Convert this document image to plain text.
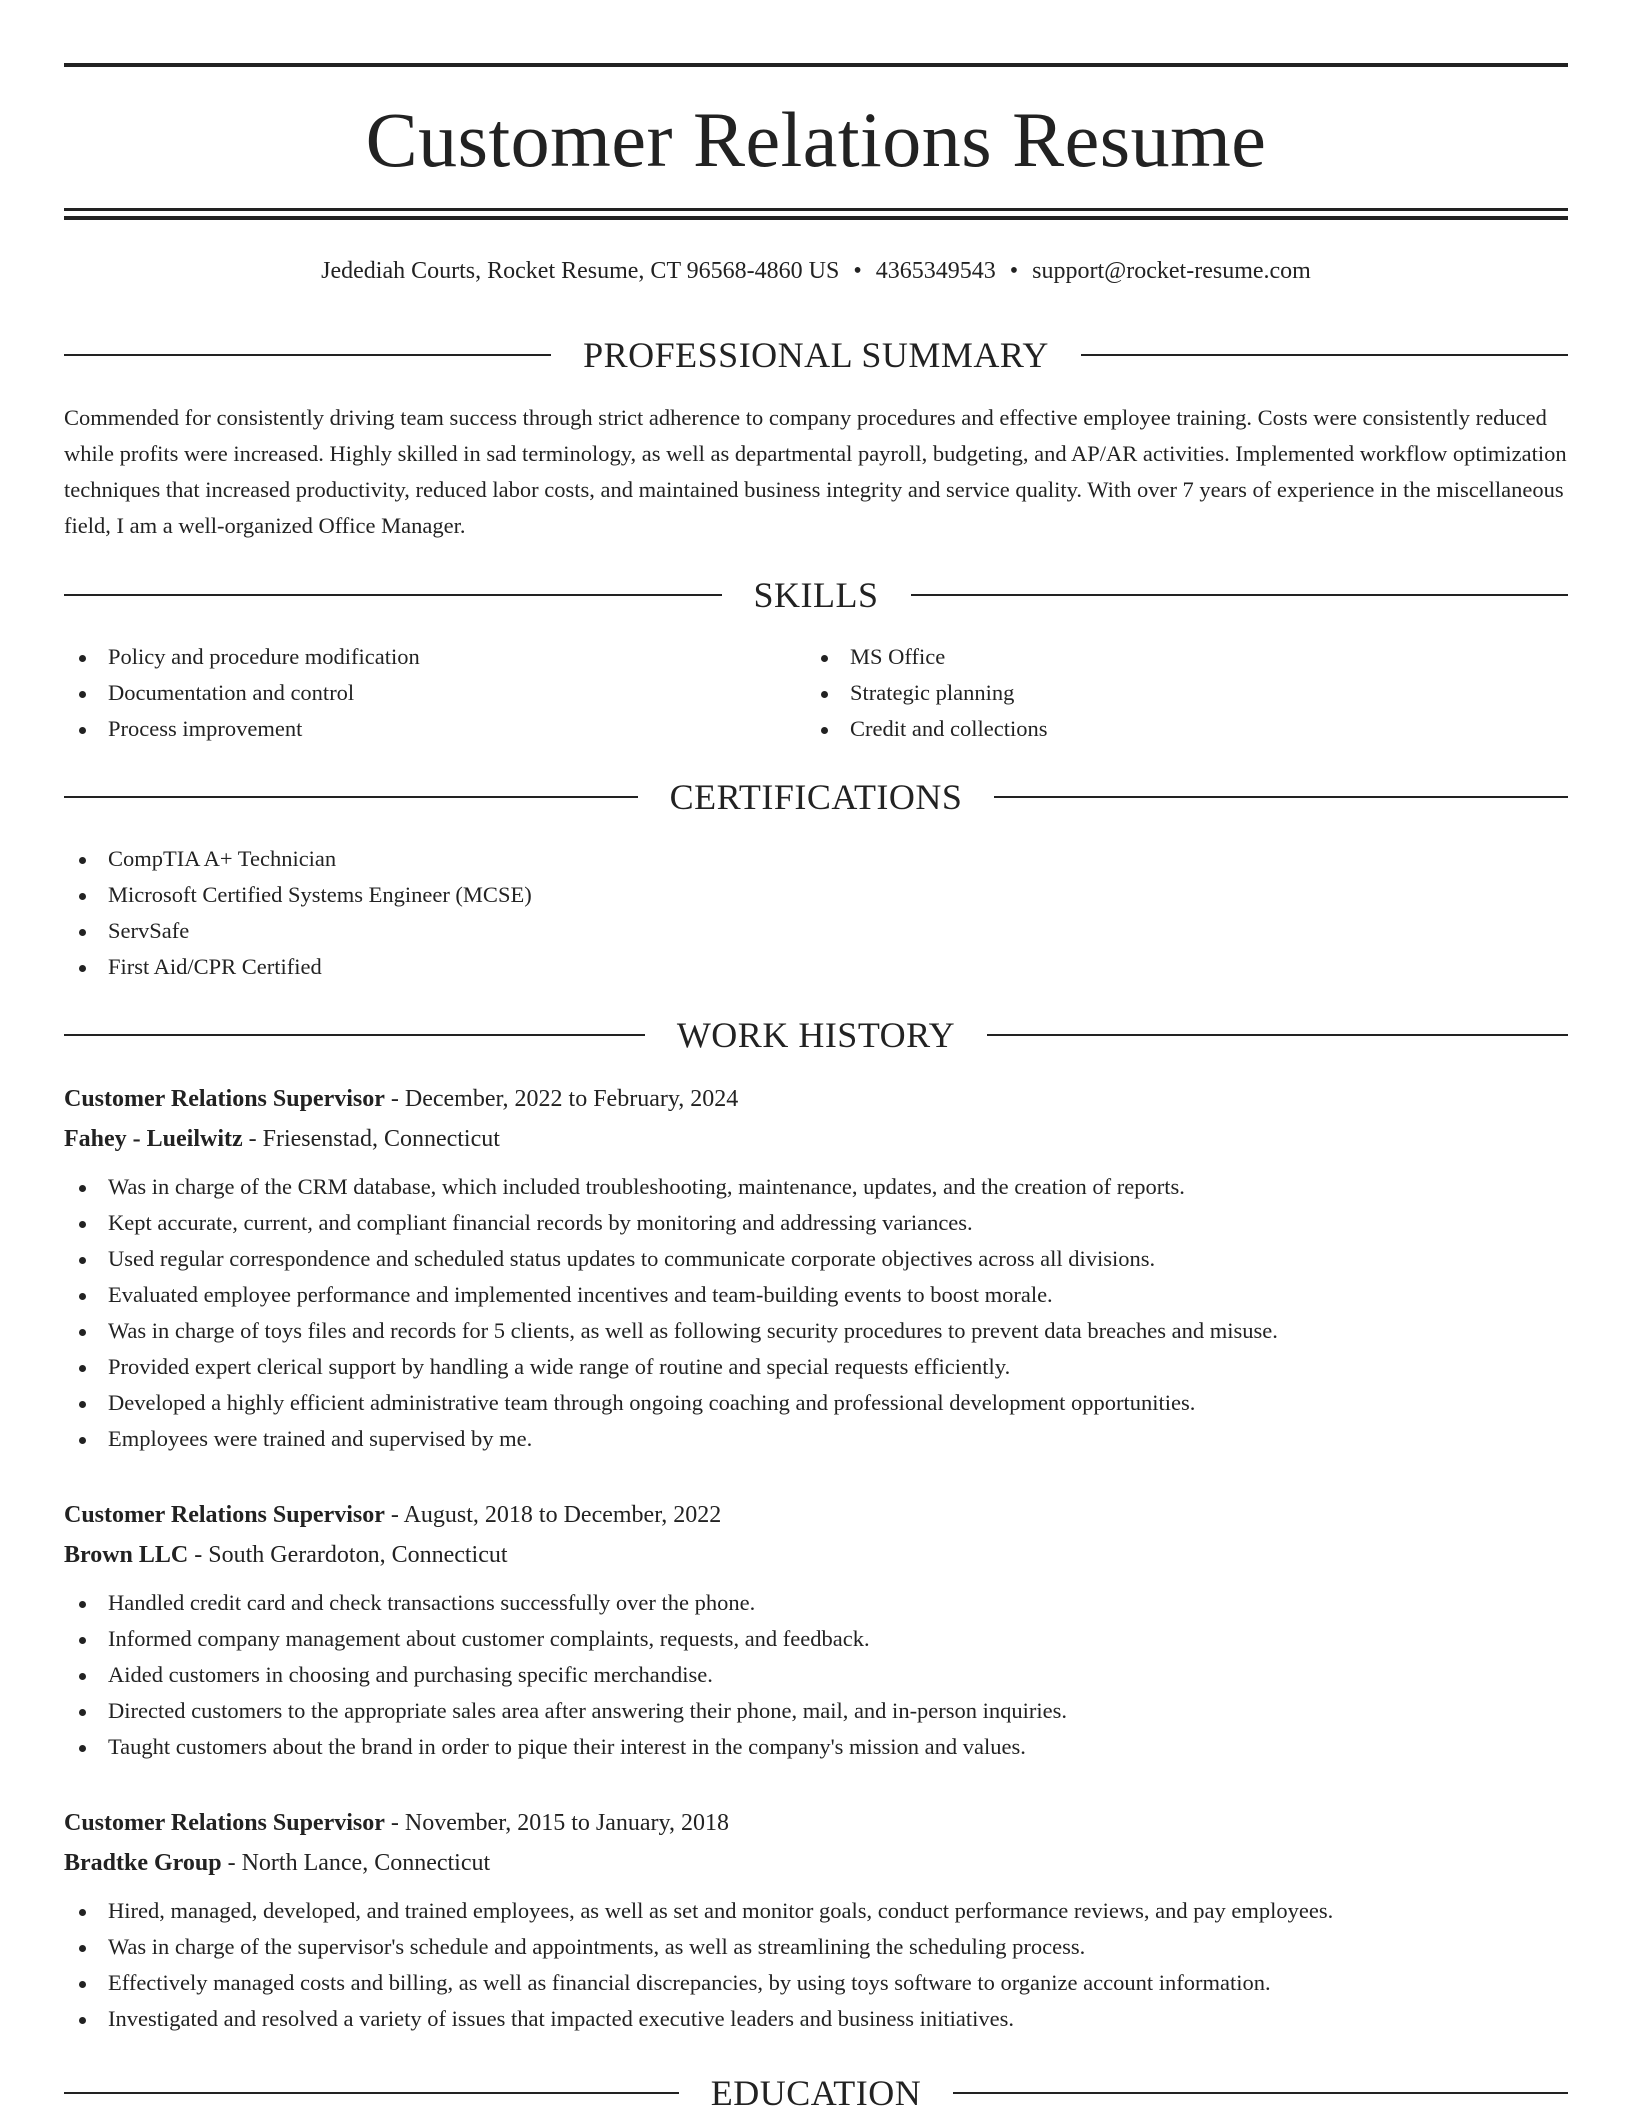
Customer Relations Resume
Jedediah Courts, Rocket Resume, CT 96568-4860 US • 4365349543 • support@rocket-resume.com
PROFESSIONAL SUMMARY
Commended for consistently driving team success through strict adherence to company procedures and effective employee training. Costs were consistently reduced while profits were increased. Highly skilled in sad terminology, as well as departmental payroll, budgeting, and AP/AR activities. Implemented workflow optimization techniques that increased productivity, reduced labor costs, and maintained business integrity and service quality. With over 7 years of experience in the miscellaneous field, I am a well-organized Office Manager.
SKILLS
Policy and procedure modification
Documentation and control
Process improvement
MS Office
Strategic planning
Credit and collections
CERTIFICATIONS
CompTIA A+ Technician
Microsoft Certified Systems Engineer (MCSE)
ServSafe
First Aid/CPR Certified
WORK HISTORY
Customer Relations Supervisor - December, 2022 to February, 2024
Fahey - Lueilwitz - Friesenstad, Connecticut
Was in charge of the CRM database, which included troubleshooting, maintenance, updates, and the creation of reports.
Kept accurate, current, and compliant financial records by monitoring and addressing variances.
Used regular correspondence and scheduled status updates to communicate corporate objectives across all divisions.
Evaluated employee performance and implemented incentives and team-building events to boost morale.
Was in charge of toys files and records for 5 clients, as well as following security procedures to prevent data breaches and misuse.
Provided expert clerical support by handling a wide range of routine and special requests efficiently.
Developed a highly efficient administrative team through ongoing coaching and professional development opportunities.
Employees were trained and supervised by me.
Customer Relations Supervisor - August, 2018 to December, 2022
Brown LLC - South Gerardoton, Connecticut
Handled credit card and check transactions successfully over the phone.
Informed company management about customer complaints, requests, and feedback.
Aided customers in choosing and purchasing specific merchandise.
Directed customers to the appropriate sales area after answering their phone, mail, and in-person inquiries.
Taught customers about the brand in order to pique their interest in the company's mission and values.
Customer Relations Supervisor - November, 2015 to January, 2018
Bradtke Group - North Lance, Connecticut
Hired, managed, developed, and trained employees, as well as set and monitor goals, conduct performance reviews, and pay employees.
Was in charge of the supervisor's schedule and appointments, as well as streamlining the scheduling process.
Effectively managed costs and billing, as well as financial discrepancies, by using toys software to organize account information.
Investigated and resolved a variety of issues that impacted executive leaders and business initiatives.
EDUCATION
